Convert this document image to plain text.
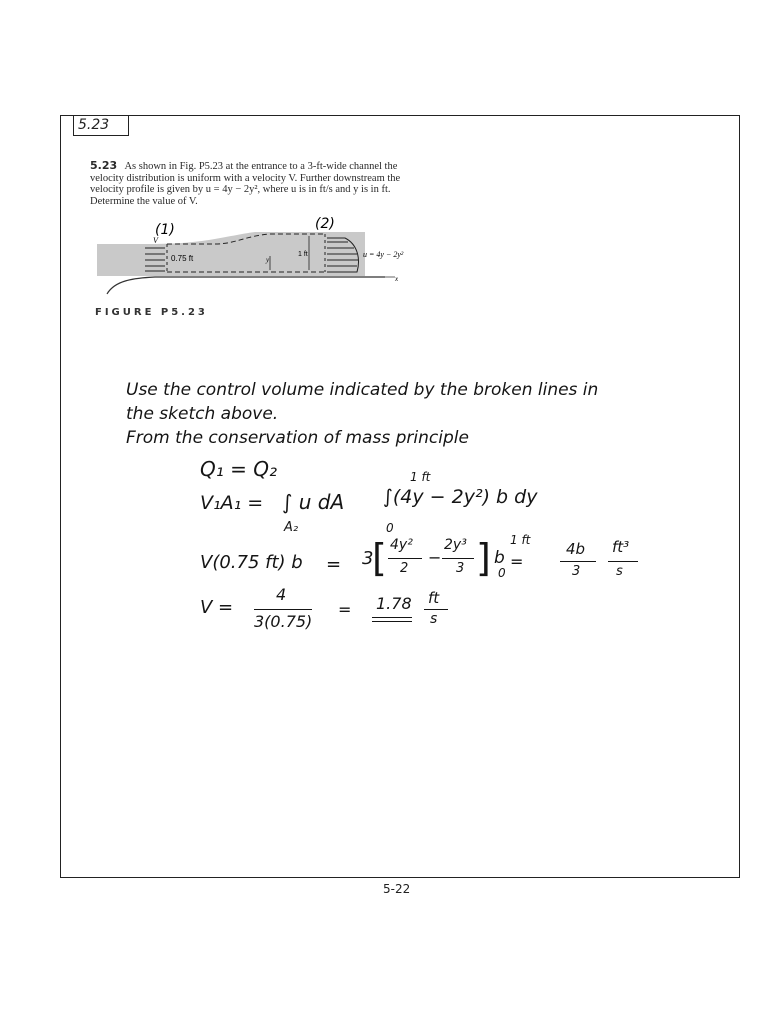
5.23
5.23 As shown in Fig. P5.23 at the entrance to a 3-ft-wide channel the velocity distribution is uniform with a velocity V. Further downstream the velocity profile is given by u = 4y − 2y², where u is in ft/s and y is in ft. Determine the value of V.
(1)	(2)
V
0.75 ft	1 ft
y
x
u = 4y − 2y²
FIGURE P5.23
Use the control volume indicated by the broken lines in
the sketch above.
From the conservation of mass principle
Q₁ = Q₂
V₁A₁ = ∫ u dA
A₂
1 ft
∫(4y − 2y²) b dy
0
V(0.75 ft) b = 3
[ 4y²
2
−
2y³
3 ] 1 ft
0
b =
4b
3
ft³
s
V =
4
3(0.75)
= 1.78 ft
s
5-22
